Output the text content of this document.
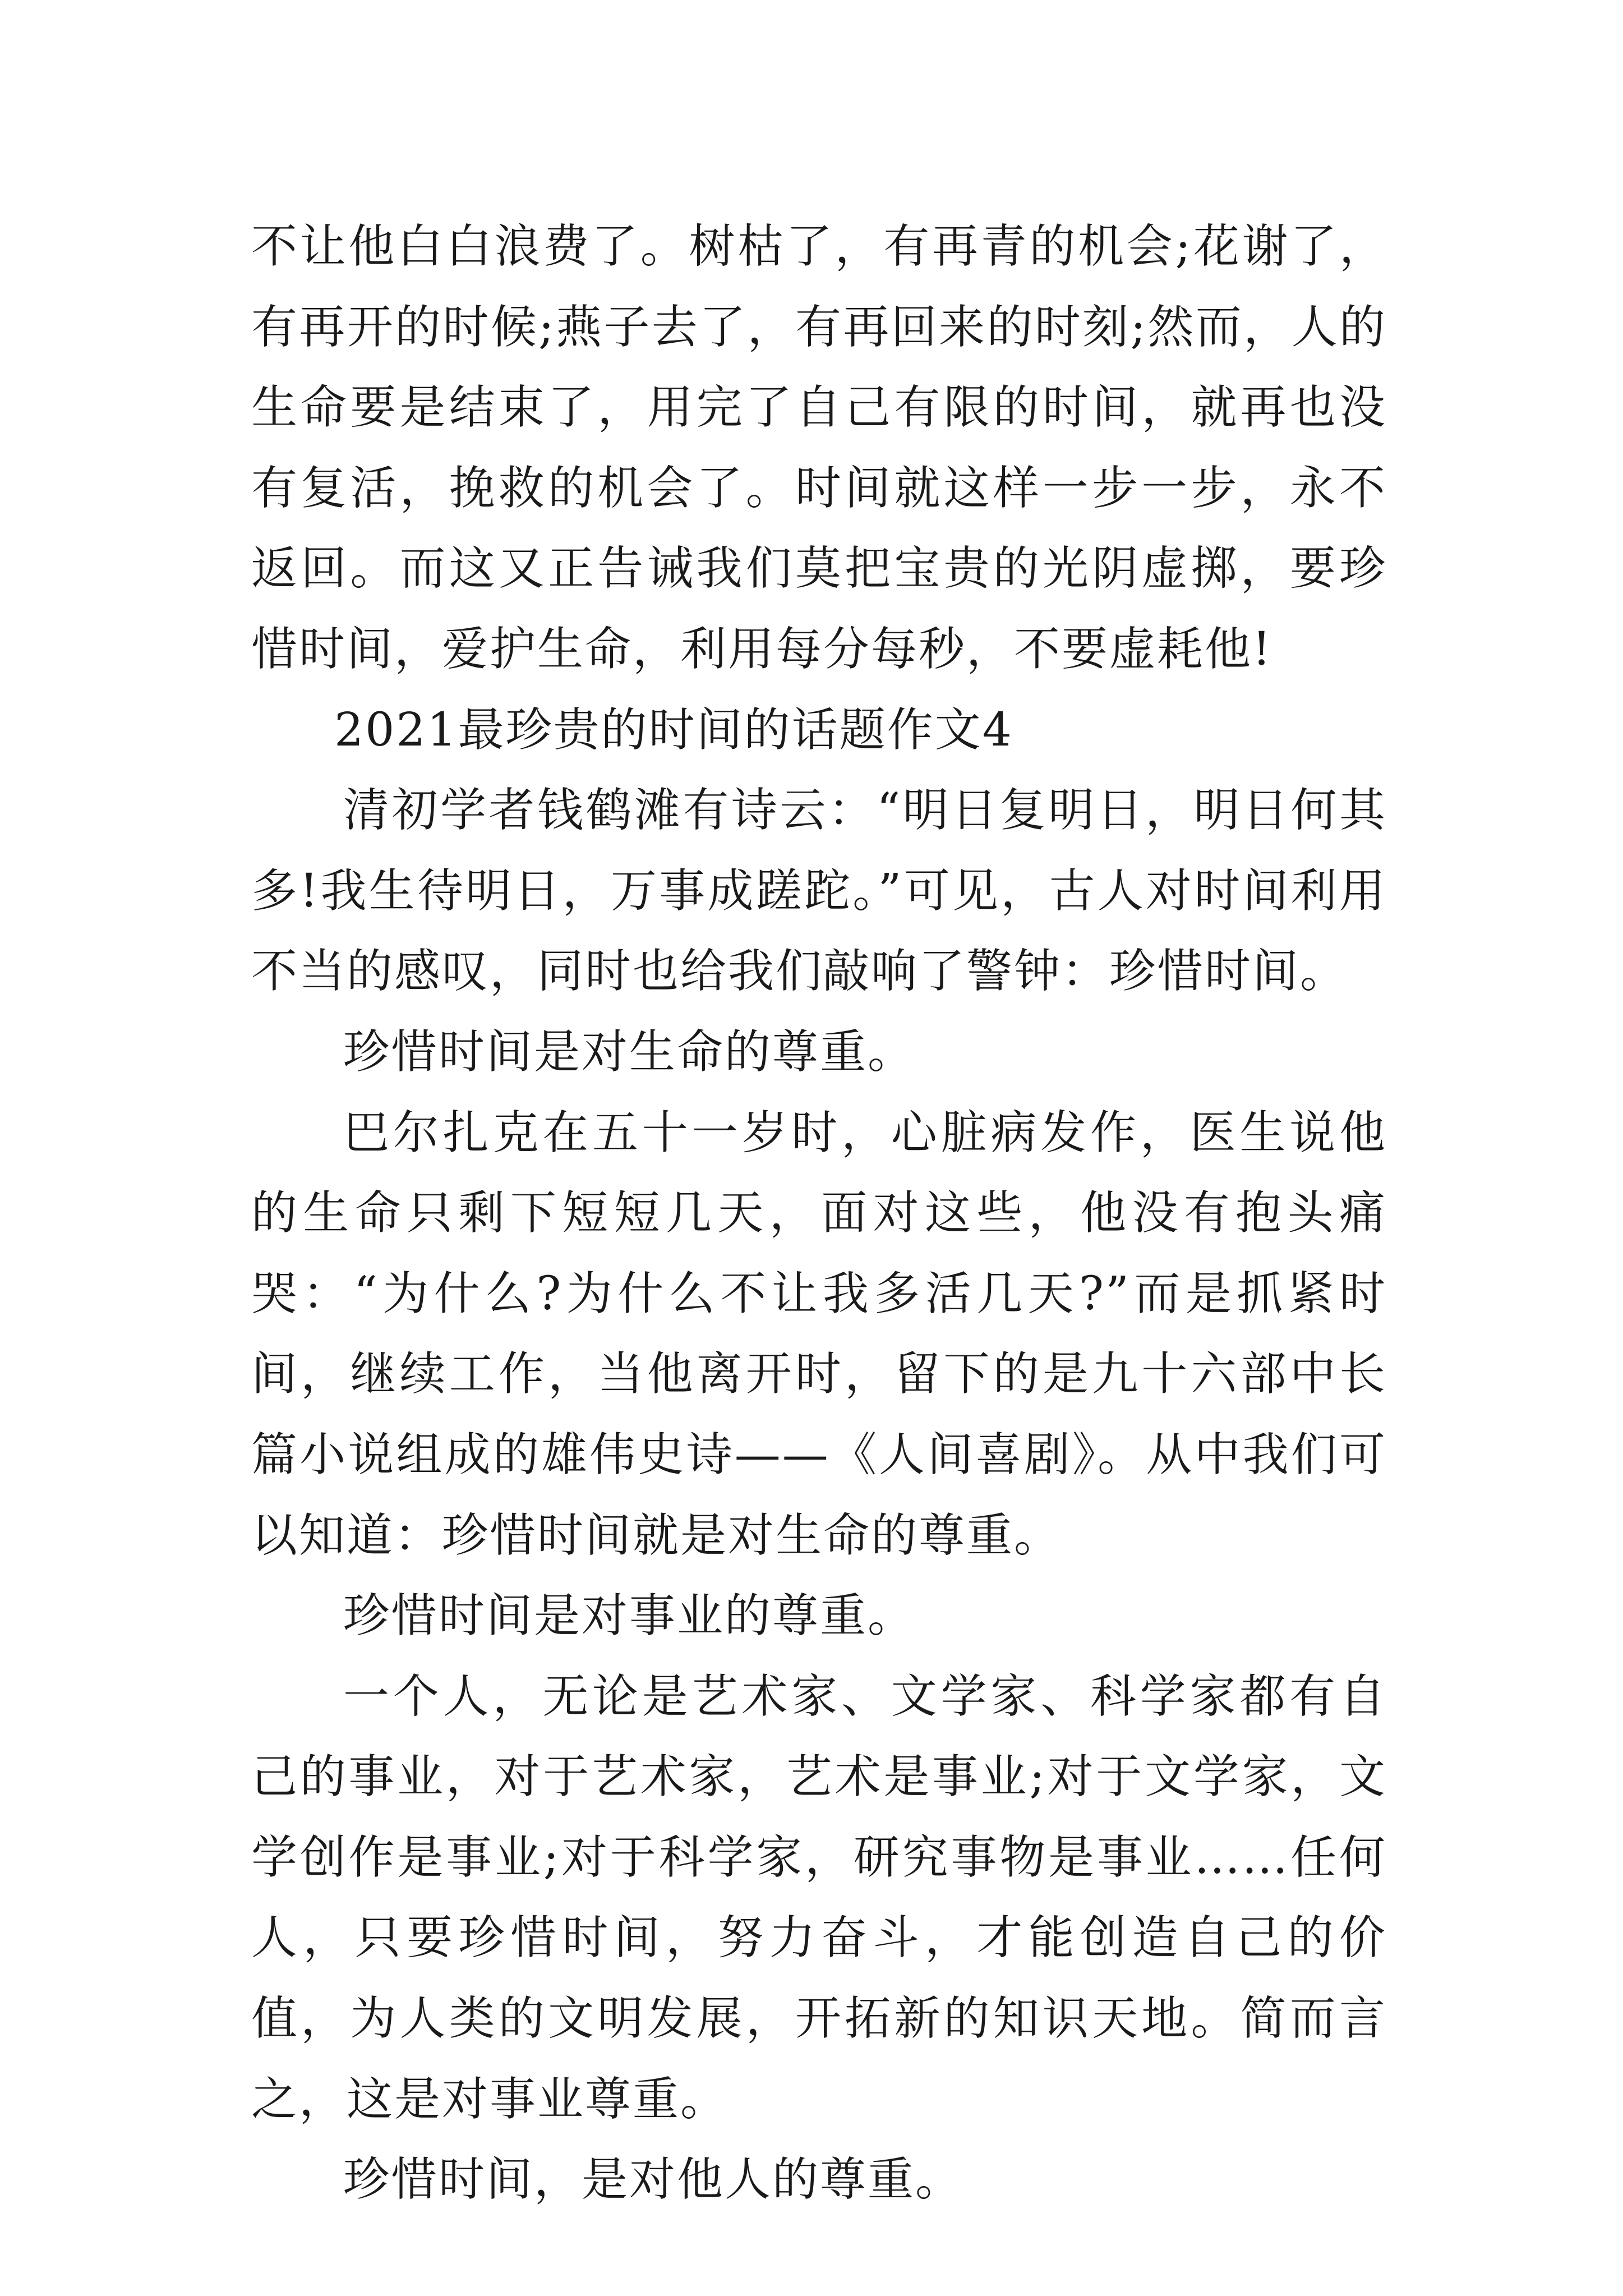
不让他白白浪费了。树枯了，有再青的机会;花谢了，有再开的时候;燕子去了，有再回来的时刻;然而，人的生命要是结束了，用完了自己有限的时间，就再也没有复活，挽救的机会了。时间就这样一步一步，永不返回。而这又正告诫我们莫把宝贵的光阴虚掷，要珍惜时间，爱护生命，利用每分每秒，不要虚耗他!

2021最珍贵的时间的话题作文4

清初学者钱鹤滩有诗云：“明日复明日，明日何其多!我生待明日，万事成蹉跎。”可见，古人对时间利用不当的感叹，同时也给我们敲响了警钟：珍惜时间。

珍惜时间是对生命的尊重。

巴尔扎克在五十一岁时，心脏病发作，医生说他的生命只剩下短短几天，面对这些，他没有抱头痛哭：“为什么?为什么不让我多活几天?”而是抓紧时间，继续工作，当他离开时，留下的是九十六部中长篇小说组成的雄伟史诗——《人间喜剧》。从中我们可以知道：珍惜时间就是对生命的尊重。

珍惜时间是对事业的尊重。

一个人，无论是艺术家、文学家、科学家都有自己的事业，对于艺术家，艺术是事业;对于文学家，文学创作是事业;对于科学家，研究事物是事业……任何人，只要珍惜时间，努力奋斗，才能创造自己的价值，为人类的文明发展，开拓新的知识天地。简而言之，这是对事业尊重。

珍惜时间，是对他人的尊重。
